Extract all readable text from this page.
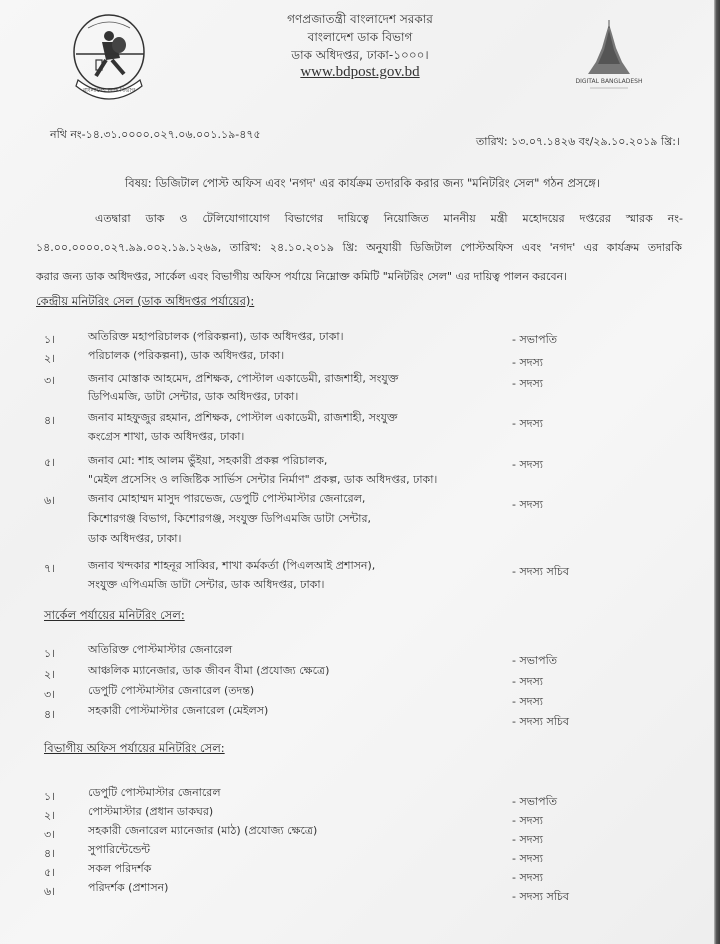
বাংলাদেশ ডাক বিভাগ
গণপ্রজাতন্ত্রী বাংলাদেশ সরকার
বাংলাদেশ ডাক বিভাগ
ডাক অধিদপ্তর, ঢাকা-১০০০।
www.bdpost.gov.bd
DIGITAL BANGLADESH
নথি নং-১৪.৩১.০০০০.০২৭.০৬.০০১.১৯-৪৭৫
তারিখ: ১৩.০৭.১৪২৬ বং/২৯.১০.২০১৯ খ্রি:।
বিষয়: ডিজিটাল পোস্ট অফিস এবং 'নগদ' এর কার্যক্রম তদারকি করার জন্য "মনিটরিং সেল" গঠন প্রসঙ্গে।
এতদ্বারা ডাক ও টেলিযোগাযোগ বিভাগের দায়িত্বে নিয়োজিত মাননীয় মন্ত্রী মহোদয়ের দপ্তরের স্মারক নং-
১৪.০০.০০০০.০২৭.৯৯.০০২.১৯.১২৬৯, তারিখ: ২৪.১০.২০১৯ খ্রি: অনুযায়ী ডিজিটাল পোস্টঅফিস এবং 'নগদ' এর কার্যক্রম তদারকি
করার জন্য ডাক অধিদপ্তর, সার্কেল এবং বিভাগীয় অফিস পর্যায়ে নিম্নোক্ত কমিটি "মনিটরিং সেল" এর দায়িত্ব পালন করবেন।
কেন্দ্রীয় মনিটরিং সেল (ডাক অধিদপ্তর পর্যায়ের):
১।	অতিরিক্ত মহাপরিচালক (পরিকল্পনা), ডাক অধিদপ্তর, ঢাকা।	- সভাপতি
২।	পরিচালক (পরিকল্পনা), ডাক অধিদপ্তর, ঢাকা।
- সদস্য
৩।	জনাব মোস্তাক আহমেদ, প্রশিক্ষক, পোস্টাল একাডেমী, রাজশাহী, সংযুক্ত
ডিপিএমজি, ডাটা সেন্টার, ডাক অধিদপ্তর, ঢাকা।
- সদস্য
৪।	জনাব মাহফুজুর রহমান, প্রশিক্ষক, পোস্টাল একাডেমী, রাজশাহী, সংযুক্ত
কংগ্রেস শাখা, ডাক অধিদপ্তর, ঢাকা।
- সদস্য
৫।	জনাব মো: শাহ আলম ভুঁইয়া, সহকারী প্রকল্প পরিচালক,
"মেইল প্রসেসিং ও লজিষ্টিক সার্ভিস সেন্টার নির্মাণ" প্রকল্প, ডাক অধিদপ্তর, ঢাকা।
- সদস্য
৬।	জনাব মোহাম্মদ মাসুদ পারভেজ, ডেপুটি পোস্টমাস্টার জেনারেল,
কিশোরগঞ্জ বিভাগ, কিশোরগঞ্জ, সংযুক্ত ডিপিএমজি ডাটা সেন্টার,
ডাক অধিদপ্তর, ঢাকা।
- সদস্য
৭।	জনাব খন্দকার শাহনূর সাব্বির, শাখা কর্মকর্তা (পিএলআই প্রশাসন),
সংযুক্ত এপিএমজি ডাটা সেন্টার, ডাক অধিদপ্তর, ঢাকা।
- সদস্য সচিব
সার্কেল পর্যায়ের মনিটরিং সেল:
১।	অতিরিক্ত পোস্টমাস্টার জেনারেল
- সভাপতি
২।	আঞ্চলিক ম্যানেজার, ডাক জীবন বীমা (প্রযোজ্য ক্ষেত্রে)
- সদস্য
৩।	ডেপুটি পোস্টমাস্টার জেনারেল (তদন্ত)
- সদস্য
৪।	সহকারী পোস্টমাস্টার জেনারেল (মেইলস)
- সদস্য সচিব
বিভাগীয় অফিস পর্যায়ের মনিটরিং সেল:
১।	ডেপুটি পোস্টমাস্টার জেনারেল
- সভাপতি
২।	পোস্টমাস্টার (প্রধান ডাকঘর)
- সদস্য
৩।	সহকারী জেনারেল ম্যানেজার (মাঠ) (প্রযোজ্য ক্ষেত্রে)
- সদস্য
৪।	সুপারিন্টেন্ডেন্ট
- সদস্য
৫।	সকল পরিদর্শক
- সদস্য
৬।	পরিদর্শক (প্রশাসন)
- সদস্য সচিব
